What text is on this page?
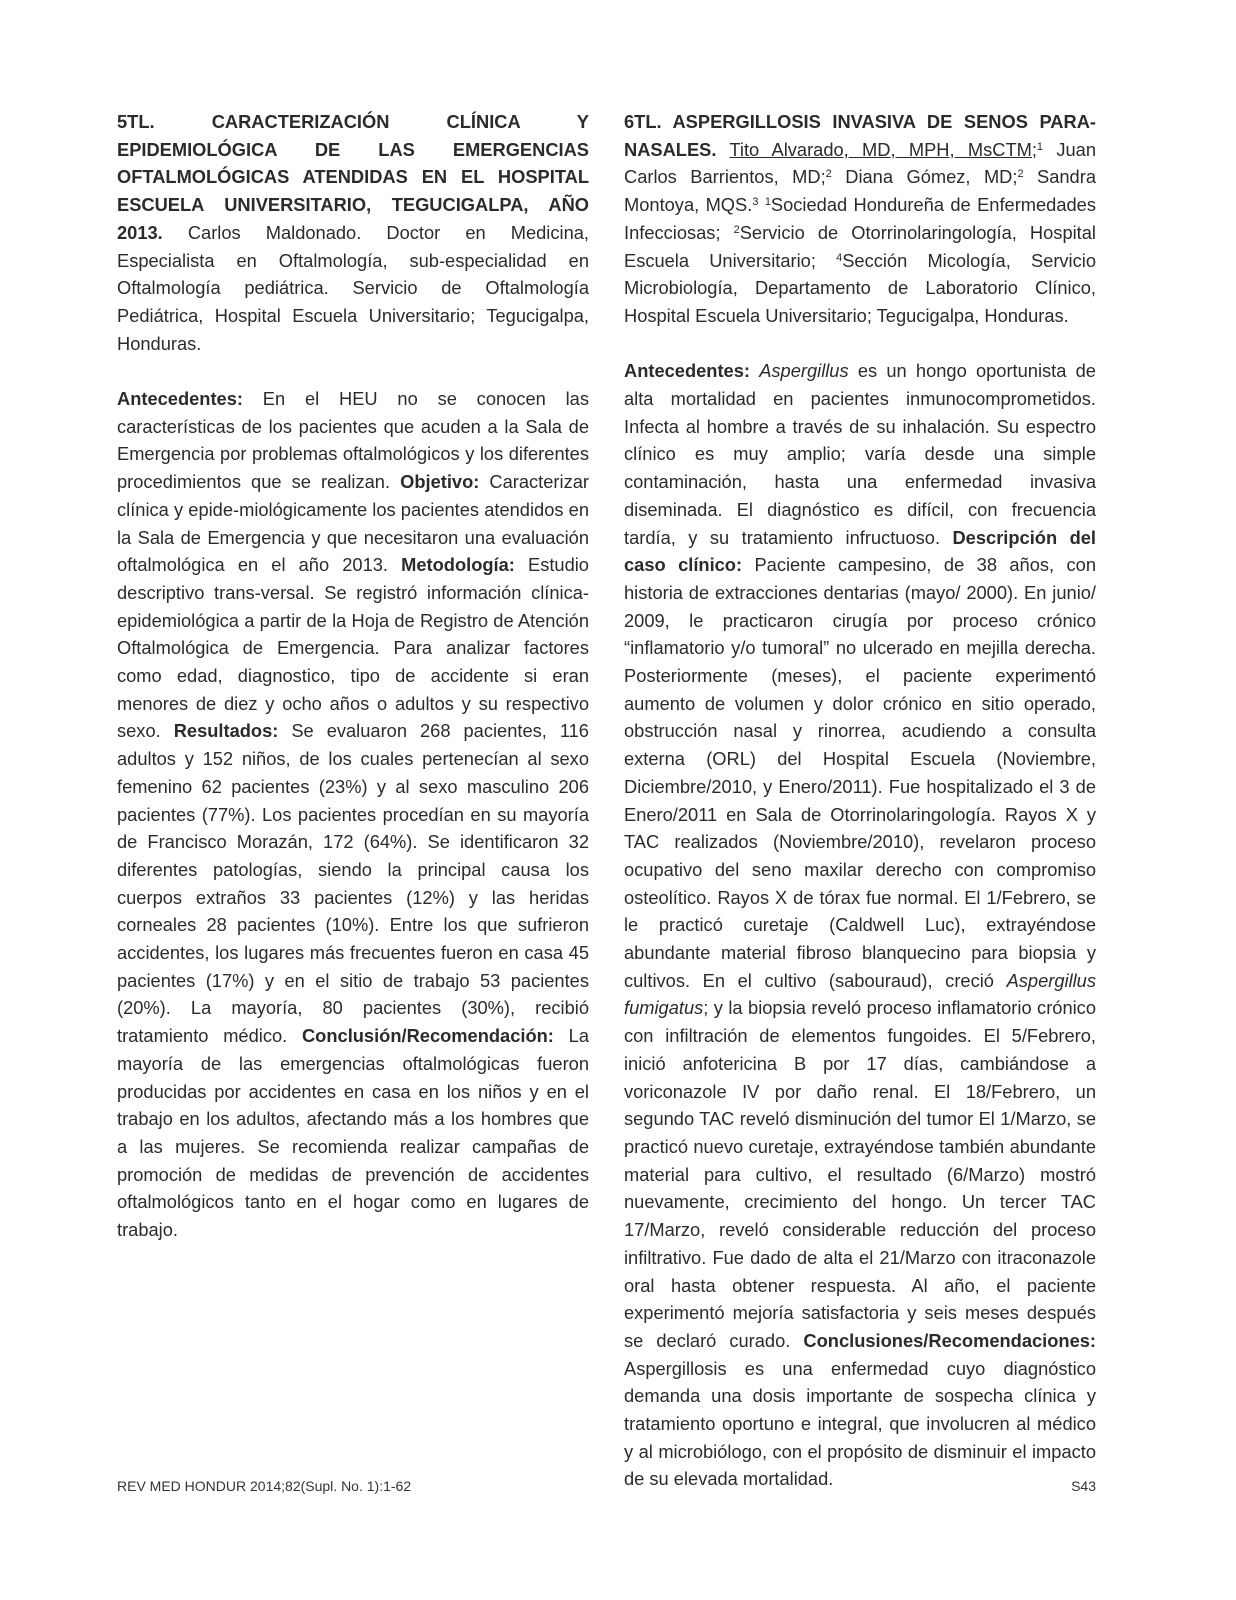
5TL. CARACTERIZACIÓN CLÍNICA Y EPIDEMIOLÓGICA DE LAS EMERGENCIAS OFTALMOLÓGICAS ATENDIDAS EN EL HOSPITAL ESCUELA UNIVERSITARIO, TEGUCIGALPA, AÑO 2013. Carlos Maldonado. Doctor en Medicina, Especialista en Oftalmología, sub-especialidad en Oftalmología pediátrica. Servicio de Oftalmología Pediátrica, Hospital Escuela Universitario; Tegucigalpa, Honduras.

Antecedentes: En el HEU no se conocen las características de los pacientes que acuden a la Sala de Emergencia por problemas oftalmológicos y los diferentes procedimientos que se realizan. Objetivo: Caracterizar clínica y epide-miológicamente los pacientes atendidos en la Sala de Emergencia y que necesitaron una evaluación oftalmológica en el año 2013. Metodología: Estudio descriptivo trans-versal. Se registró información clínica-epidemiológica a partir de la Hoja de Registro de Atención Oftalmológica de Emergencia. Para analizar factores como edad, diagnostico, tipo de accidente si eran menores de diez y ocho años o adultos y su respectivo sexo. Resultados: Se evaluaron 268 pacientes, 116 adultos y 152 niños, de los cuales pertenecían al sexo femenino 62 pacientes (23%) y al sexo masculino 206 pacientes (77%). Los pacientes procedían en su mayoría de Francisco Morazán, 172 (64%). Se identificaron 32 diferentes patologías, siendo la principal causa los cuerpos extraños 33 pacientes (12%) y las heridas corneales 28 pacientes (10%). Entre los que sufrieron accidentes, los lugares más frecuentes fueron en casa 45 pacientes (17%) y en el sitio de trabajo 53 pacientes (20%). La mayoría, 80 pacientes (30%), recibió tratamiento médico. Conclusión/Recomendación: La mayoría de las emergencias oftalmológicas fueron producidas por accidentes en casa en los niños y en el trabajo en los adultos, afectando más a los hombres que a las mujeres. Se recomienda realizar campañas de promoción de medidas de prevención de accidentes oftalmológicos tanto en el hogar como en lugares de trabajo.

6TL. ASPERGILLOSIS INVASIVA DE SENOS PARA-NASALES. Tito Alvarado, MD, MPH, MsCTM;$^1$ Juan Carlos Barrientos, MD;$^2$ Diana Gómez, MD;$^2$ Sandra Montoya, MQS.$^3$ $^1$Sociedad Hondureña de Enfermedades Infecciosas; $^2$Servicio de Otorrinolaringología, Hospital Escuela Universitario; $^4$Sección Micología, Servicio Microbiología, Departamento de Laboratorio Clínico, Hospital Escuela Universitario; Tegucigalpa, Honduras.

Antecedentes: Aspergillus es un hongo oportunista de alta mortalidad en pacientes inmunocomprometidos. Infecta al hombre a través de su inhalación. Su espectro clínico es muy amplio; varía desde una simple contaminación, hasta una enfermedad invasiva diseminada. El diagnóstico es difícil, con frecuencia tardía, y su tratamiento infructuoso. Descripción del caso clínico: Paciente campesino, de 38 años, con historia de extracciones dentarias (mayo/ 2000). En junio/ 2009, le practicaron cirugía por proceso crónico “inflamatorio y/o tumoral” no ulcerado en mejilla derecha. Posteriormente (meses), el paciente experimentó aumento de volumen y dolor crónico en sitio operado, obstrucción nasal y rinorrea, acudiendo a consulta externa (ORL) del Hospital Escuela (Noviembre, Diciembre/2010, y Enero/2011). Fue hospitalizado el 3 de Enero/2011 en Sala de Otorrinolaringología. Rayos X y TAC realizados (Noviembre/2010), revelaron proceso ocupativo del seno maxilar derecho con compromiso osteolítico. Rayos X de tórax fue normal. El 1/Febrero, se le practicó curetaje (Caldwell Luc), extrayéndose abundante material fibroso blanquecino para biopsia y cultivos. En el cultivo (sabouraud), creció Aspergillus fumigatus; y la biopsia reveló proceso inflamatorio crónico con infiltración de elementos fungoides. El 5/Febrero, inició anfotericina B por 17 días, cambiándose a voriconazole IV por daño renal. El 18/Febrero, un segundo TAC reveló disminución del tumor El 1/Marzo, se practicó nuevo curetaje, extrayéndose también abundante material para cultivo, el resultado (6/Marzo) mostró nuevamente, crecimiento del hongo. Un tercer TAC 17/Marzo, reveló considerable reducción del proceso infiltrativo. Fue dado de alta el 21/Marzo con itraconazole oral hasta obtener respuesta. Al año, el paciente experimentó mejoría satisfactoria y seis meses después se declaró curado. Conclusiones/Recomendaciones: Aspergillosis es una enfermedad cuyo diagnóstico demanda una dosis importante de sospecha clínica y tratamiento oportuno e integral, que involucren al médico y al microbiólogo, con el propósito de disminuir el impacto de su elevada mortalidad.

REV MED HONDUR 2014;82(Supl. No. 1):1-62	S43
